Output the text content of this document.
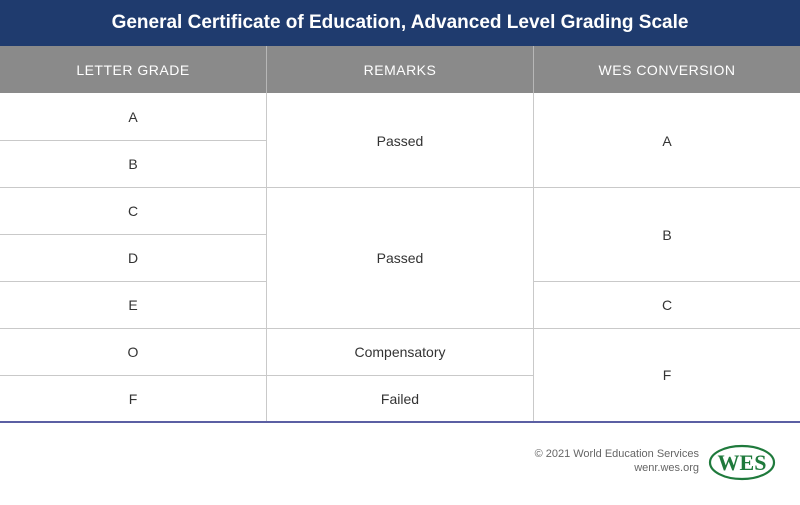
General Certificate of Education, Advanced Level Grading Scale
LETTER GRADE	REMARKS	WES CONVERSION
A
B
C
D
E
O
F
Passed
Passed
Compensatory
Failed
A
B
C
F
© 2021 World Education Services
wenr.wes.org WES
